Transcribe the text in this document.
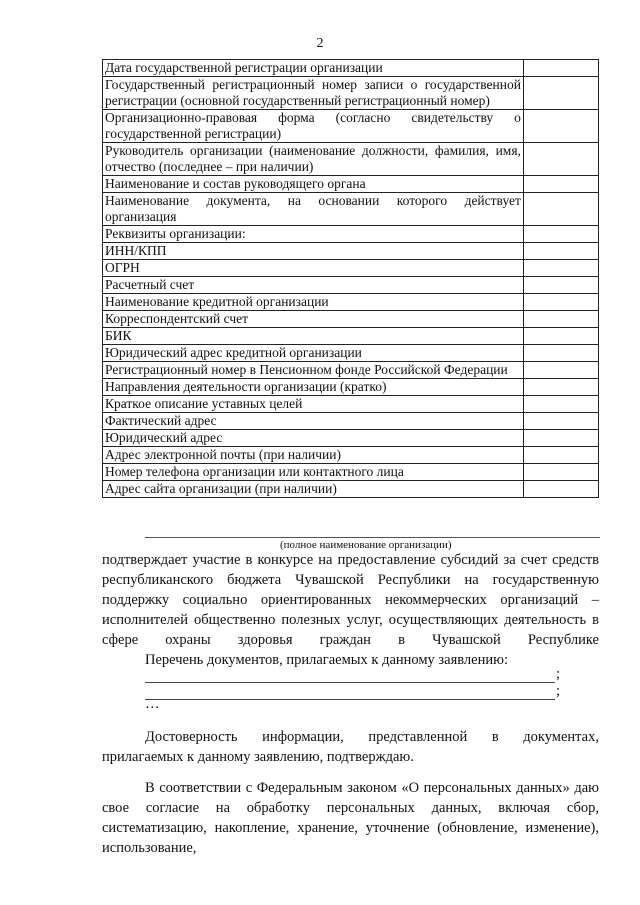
2
Дата государственной регистрации организации	
Государственный регистрационный номер записи о государственной регистрации (основной государственный регистрационный номер)	
Организационно-правовая форма (согласно свидетельству о государственной регистрации)	
Руководитель организации (наименование должности, фамилия, имя, отчество (последнее – при наличии)	
Наименование и состав руководящего органа	
Наименование документа, на основании которого действует организация	
Реквизиты организации:	
ИНН/КПП	
ОГРН	
Расчетный счет	
Наименование кредитной организации	
Корреспондентский счет	
БИК	
Юридический адрес кредитной организации	
Регистрационный номер в Пенсионном фонде Российской Федерации	
Направления деятельности организации (кратко)	
Краткое описание уставных целей	
Фактический адрес	
Юридический адрес	
Адрес электронной почты (при наличии)	
Номер телефона организации или контактного лица	
Адрес сайта организации (при наличии)	
(полное наименование организации)
подтверждает участие в конкурсе на предоставление субсидий за счет средств республиканского бюджета Чувашской Республики на государственную поддержку социально ориентированных некоммерческих организаций – исполнителей общественно полезных услуг, осуществляющих деятельность в сфере охраны здоровья граждан в Чувашской Республике
Перечень документов, прилагаемых к данному заявлению:
;
;
…
Достоверность информации, представленной в документах, прилагаемых к данному заявлению, подтверждаю.
В соответствии с Федеральным законом «О персональных данных» даю свое согласие на обработку персональных данных, включая сбор, систематизацию, накопление, хранение, уточнение (обновление, изменение), использование,
